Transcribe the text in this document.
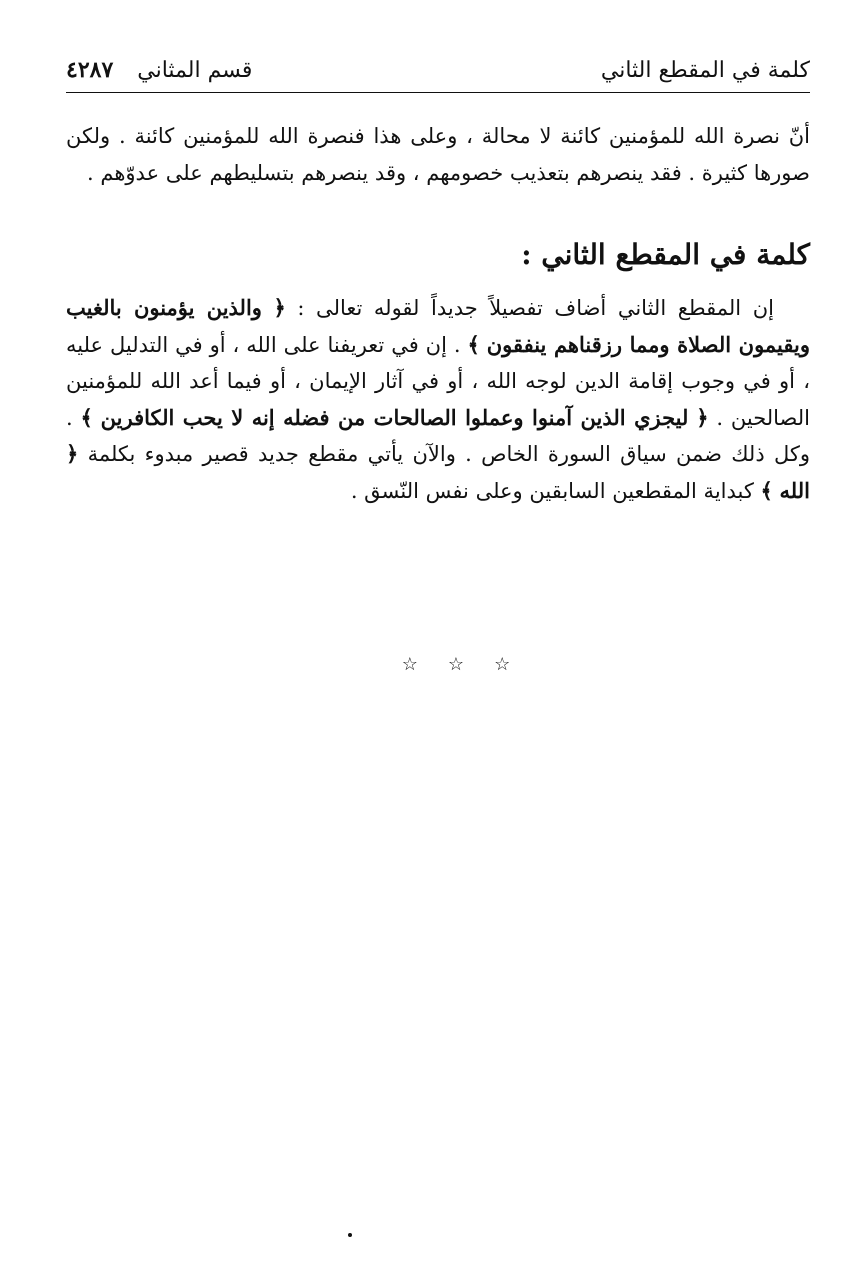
كلمة في المقطع الثاني
قسم المثاني
٤٢٨٧

أنّ نصرة الله للمؤمنين كائنة لا محالة ، وعلى هذا فنصرة الله للمؤمنين كائنة . ولكن صورها كثيرة . فقد ينصرهم بتعذيب خصومهم ، وقد ينصرهم بتسليطهم على عدوّهم .

كلمة في المقطع الثاني :

إن المقطع الثاني أضاف تفصيلاً جديداً لقوله تعالى : ﴿ والذين يؤمنون بالغيب ويقيمون الصلاة ومما رزقناهم ينفقون ﴾ . إن في تعريفنا على الله ، أو في التدليل عليه ، أو في وجوب إقامة الدين لوجه الله ، أو في آثار الإيمان ، أو فيما أعد الله للمؤمنين الصالحين . ﴿ ليجزي الذين آمنوا وعملوا الصالحات من فضله إنه لا يحب الكافرين ﴾ . وكل ذلك ضمن سياق السورة الخاص . والآن يأتي مقطع جديد قصير مبدوء بكلمة ﴿ الله ﴾ كبداية المقطعين السابقين وعلى نفس النّسق .

☆ ☆ ☆
